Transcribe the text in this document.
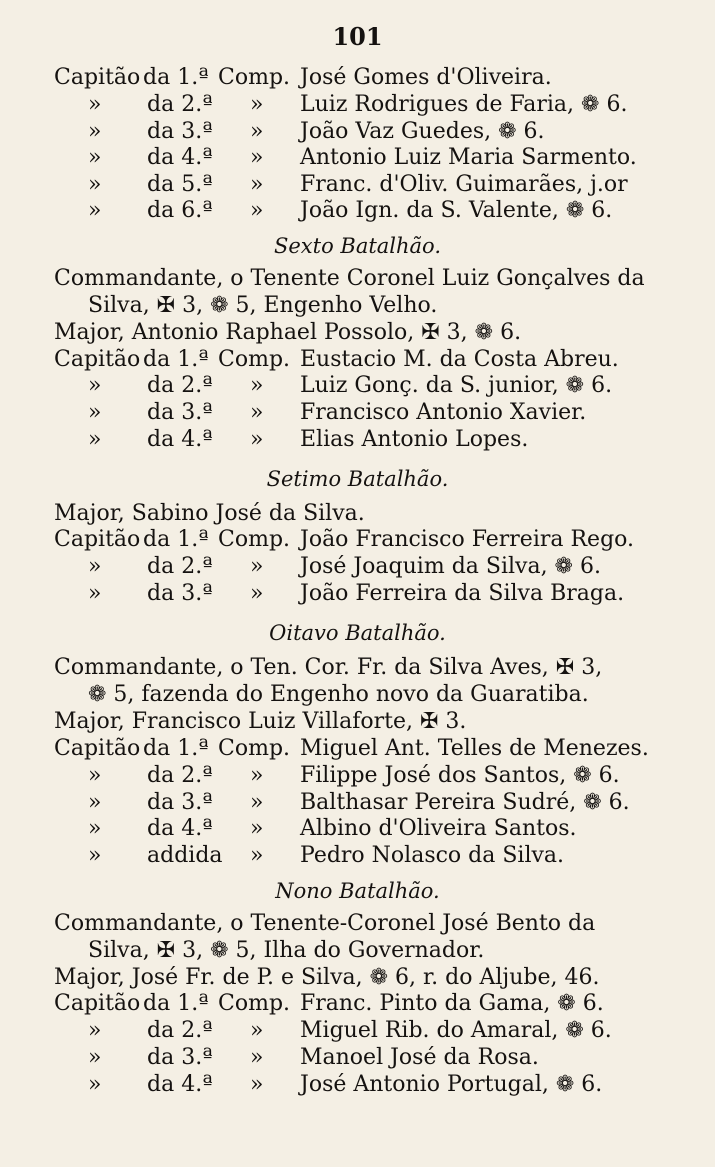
101
Capitão da 1.ª Comp. José Gomes d'Oliveira.
» da 2.ª » Luiz Rodrigues de Faria, ❁ 6.
» da 3.ª » João Vaz Guedes, ❁ 6.
» da 4.ª » Antonio Luiz Maria Sarmento.
» da 5.ª » Franc. d'Oliv. Guimarães, j.or
» da 6.ª » João Ign. da S. Valente, ❁ 6.
Sexto Batalhão.
Commandante, o Tenente Coronel Luiz Gonçalves da
Silva, ✠ 3, ❁ 5, Engenho Velho.
Major, Antonio Raphael Possolo, ✠ 3, ❁ 6.
Capitão da 1.ª Comp. Eustacio M. da Costa Abreu.
» da 2.ª » Luiz Gonç. da S. junior, ❁ 6.
» da 3.ª » Francisco Antonio Xavier.
» da 4.ª » Elias Antonio Lopes.
Setimo Batalhão.
Major, Sabino José da Silva.
Capitão da 1.ª Comp. João Francisco Ferreira Rego.
» da 2.ª » José Joaquim da Silva, ❁ 6.
» da 3.ª » João Ferreira da Silva Braga.
Oitavo Batalhão.
Commandante, o Ten. Cor. Fr. da Silva Aves, ✠ 3,
❁ 5, fazenda do Engenho novo da Guaratiba.
Major, Francisco Luiz Villaforte, ✠ 3.
Capitão da 1.ª Comp. Miguel Ant. Telles de Menezes.
» da 2.ª » Filippe José dos Santos, ❁ 6.
» da 3.ª » Balthasar Pereira Sudré, ❁ 6.
» da 4.ª » Albino d'Oliveira Santos.
» addida » Pedro Nolasco da Silva.
Nono Batalhão.
Commandante, o Tenente-Coronel José Bento da
Silva, ✠ 3, ❁ 5, Ilha do Governador.
Major, José Fr. de P. e Silva, ❁ 6, r. do Aljube, 46.
Capitão da 1.ª Comp. Franc. Pinto da Gama, ❁ 6.
» da 2.ª » Miguel Rib. do Amaral, ❁ 6.
» da 3.ª » Manoel José da Rosa.
» da 4.ª » José Antonio Portugal, ❁ 6.
